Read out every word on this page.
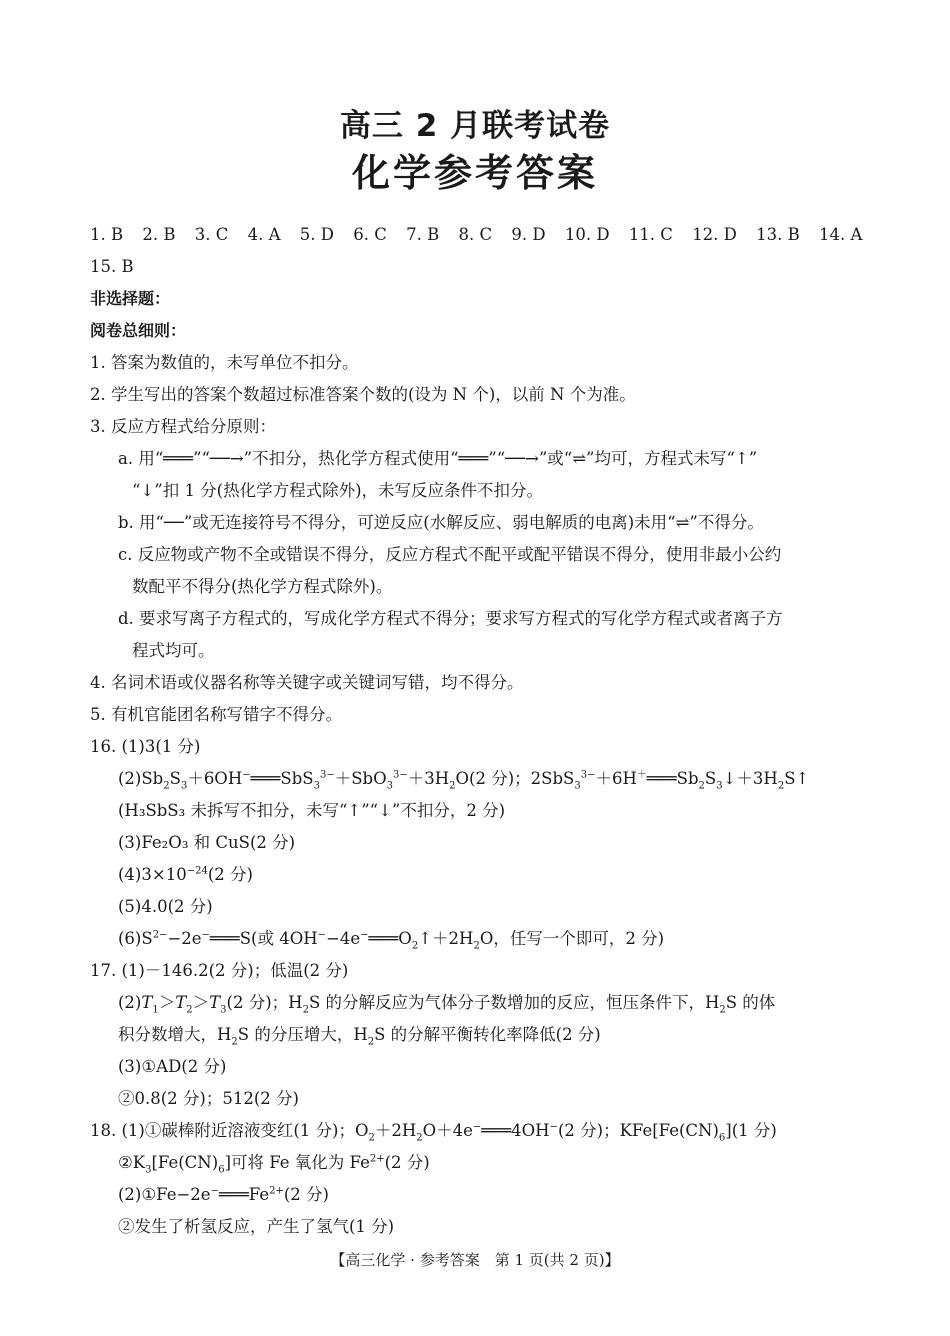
高三 2 月联考试卷
化学参考答案
1. B 2. B 3. C 4. A 5. D 6. C 7. B 8. C 9. D 10. D 11. C 12. D 13. B 14. A
15. B
非选择题：
阅卷总细则：
1. 答案为数值的，未写单位不扣分。
2. 学生写出的答案个数超过标准答案个数的(设为 N 个)，以前 N 个为准。
3. 反应方程式给分原则：
a. 用“═══”“──→”不扣分，热化学方程式使用“═══”“──→”或“⇌”均可，方程式未写“↑”
“↓”扣 1 分(热化学方程式除外)，未写反应条件不扣分。
b. 用“──”或无连接符号不得分，可逆反应(水解反应、弱电解质的电离)未用“⇌”不得分。
c. 反应物或产物不全或错误不得分，反应方程式不配平或配平错误不得分，使用非最小公约
数配平不得分(热化学方程式除外)。
d. 要求写离子方程式的，写成化学方程式不得分；要求写方程式的写化学方程式或者离子方
程式均可。
4. 名词术语或仪器名称等关键字或关键词写错，均不得分。
5. 有机官能团名称写错字不得分。
16. (1)3(1 分)
$(2)Sb_2S_3+6OH^-═══SbS_3^{3-}+SbO_3^{3-}+3H_2O(2$ 分)；$2SbS_3^{3-}+6H^+═══Sb_2S_3↓+3H_2S↑$
(H₃SbS₃ 未拆写不扣分，未写“↑”“↓”不扣分，2 分)
(3)Fe₂O₃ 和 CuS(2 分)
$(4)3\times 10^{-24}(2$ 分)
(5)4.0(2 分)
$(6)S^{2-}-2e^-═══S$(或 $4OH^--4e^-═══O_2↑+2H_2O$，任写一个即可，2 分)
17. (1)－146.2(2 分)；低温(2 分)
$(2)T_1>T_2>T_3(2$ 分)；$H_2S$ 的分解反应为气体分子数增加的反应，恒压条件下，$H_2S$ 的体
积分数增大，$H_2S$ 的分压增大，$H_2S$ 的分解平衡转化率降低(2 分)
(3)①AD(2 分)
②0.8(2 分)；512(2 分)
18. (1)①碳棒附近溶液变红(1 分)；$O_2+2H_2O+4e^-═══4OH^-(2$ 分)；$KFe[Fe(CN)_6](1$ 分)
$②K_3[Fe(CN)_6]$可将 Fe 氧化为 $Fe^{2+}(2$ 分)
$(2)①Fe-2e^-═══Fe^{2+}(2$ 分)
②发生了析氢反应，产生了氢气(1 分)
【高三化学 · 参考答案　第 1 页(共 2 页)】
